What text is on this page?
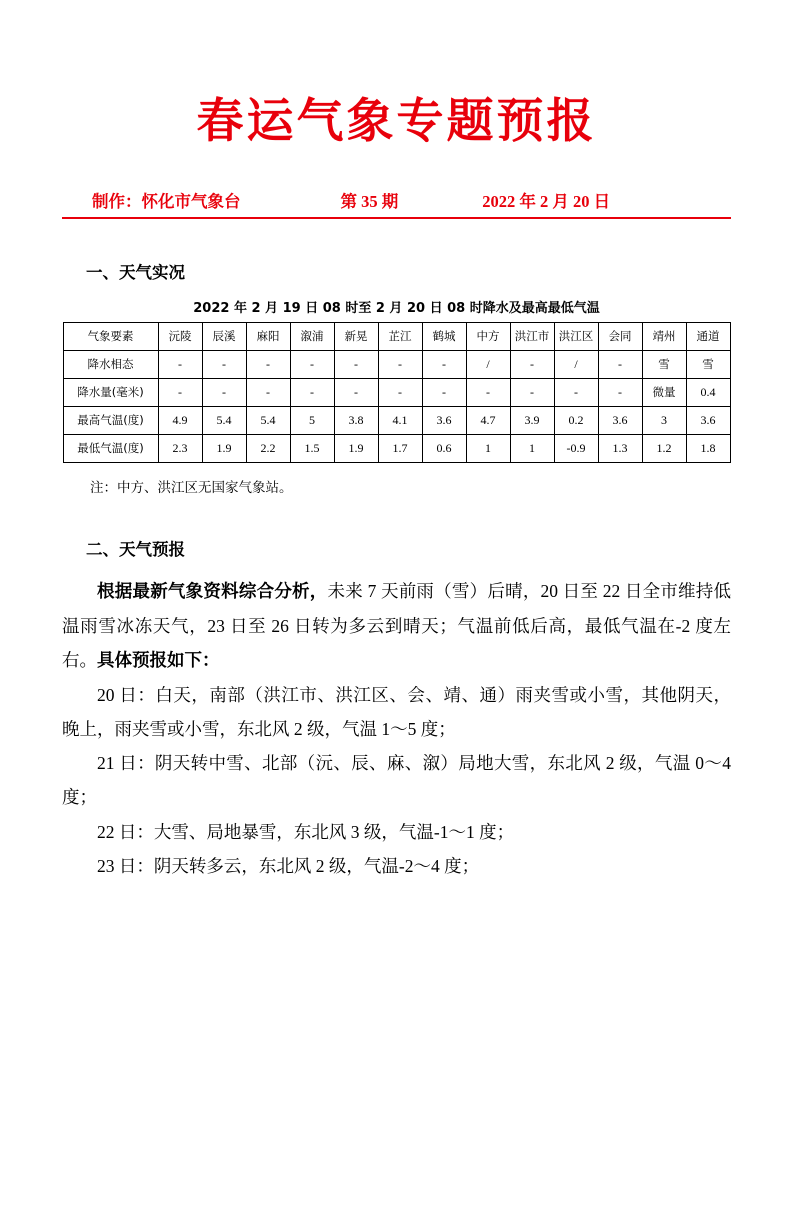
春运气象专题预报
制作：怀化市气象台	第 35 期	2022 年 2 月 20 日
一、天气实况
2022 年 2 月 19 日 08 时至 2 月 20 日 08 时降水及最高最低气温
气象要素	沅陵	辰溪	麻阳	溆浦	新晃	芷江	鹤城	中方	洪江市	洪江区	会同	靖州	通道
降水相态	-	-	-	-	-	-	-	/	-	/	-	雪	雪
降水量(毫米)	-	-	-	-	-	-	-	-	-	-	-	微量	0.4
最高气温(度)	4.9	5.4	5.4	5	3.8	4.1	3.6	4.7	3.9	0.2	3.6	3	3.6
最低气温(度)	2.3	1.9	2.2	1.5	1.9	1.7	0.6	1	1	-0.9	1.3	1.2	1.8
注：中方、洪江区无国家气象站。
二、天气预报

根据最新气象资料综合分析，未来 7 天前雨（雪）后晴，20 日至 22 日全市维持低温雨雪冰冻天气，23 日至 26 日转为多云到晴天；气温前低后高，最低气温在-2 度左右。具体预报如下：

20 日：白天，南部（洪江市、洪江区、会、靖、通）雨夹雪或小雪，其他阴天，晚上，雨夹雪或小雪，东北风 2 级，气温 1～5 度；

21 日：阴天转中雪、北部（沅、辰、麻、溆）局地大雪，东北风 2 级，气温 0～4 度；

22 日：大雪、局地暴雪，东北风 3 级，气温-1～1 度；

23 日：阴天转多云，东北风 2 级，气温-2～4 度；
